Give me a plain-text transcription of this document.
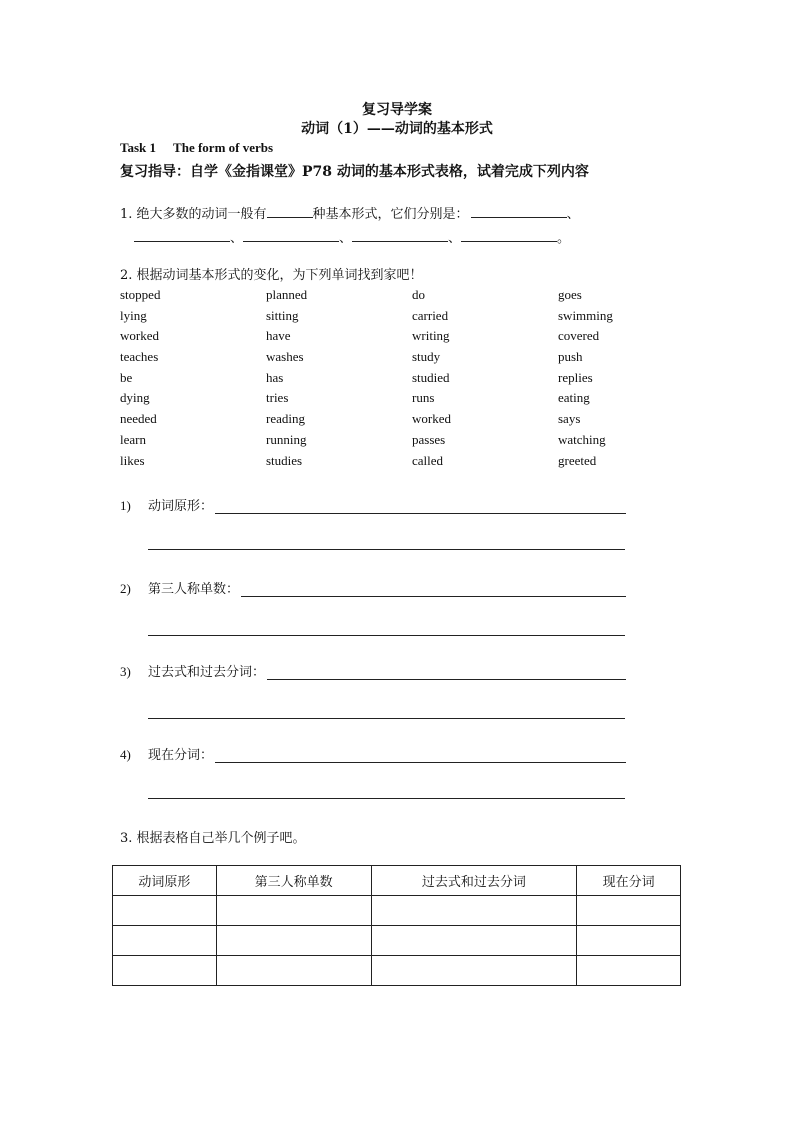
复习导学案
动词（1）——动词的基本形式
Task 1 The form of verbs
复习指导：自学《金指课堂》P78 动词的基本形式表格，试着完成下列内容
1. 绝大多数的动词一般有	种基本形式，它们分别是：	、
、	、	、	。
2. 根据动词基本形式的变化，为下列单词找到家吧！
stopped	planned	do	goes
lying	sitting	carried	swimming
worked	have	writing	covered
teaches	washes	study	push
be	has	studied	replies
dying	tries	runs	eating
needed	reading	worked	says
learn	running	passes	watching
likes	studies	called	greeted
1)	动词原形：
2)	第三人称单数：
3)	过去式和过去分词：
4)	现在分词：
3. 根据表格自己举几个例子吧。
动词原形	第三人称单数	过去式和过去分词	现在分词
